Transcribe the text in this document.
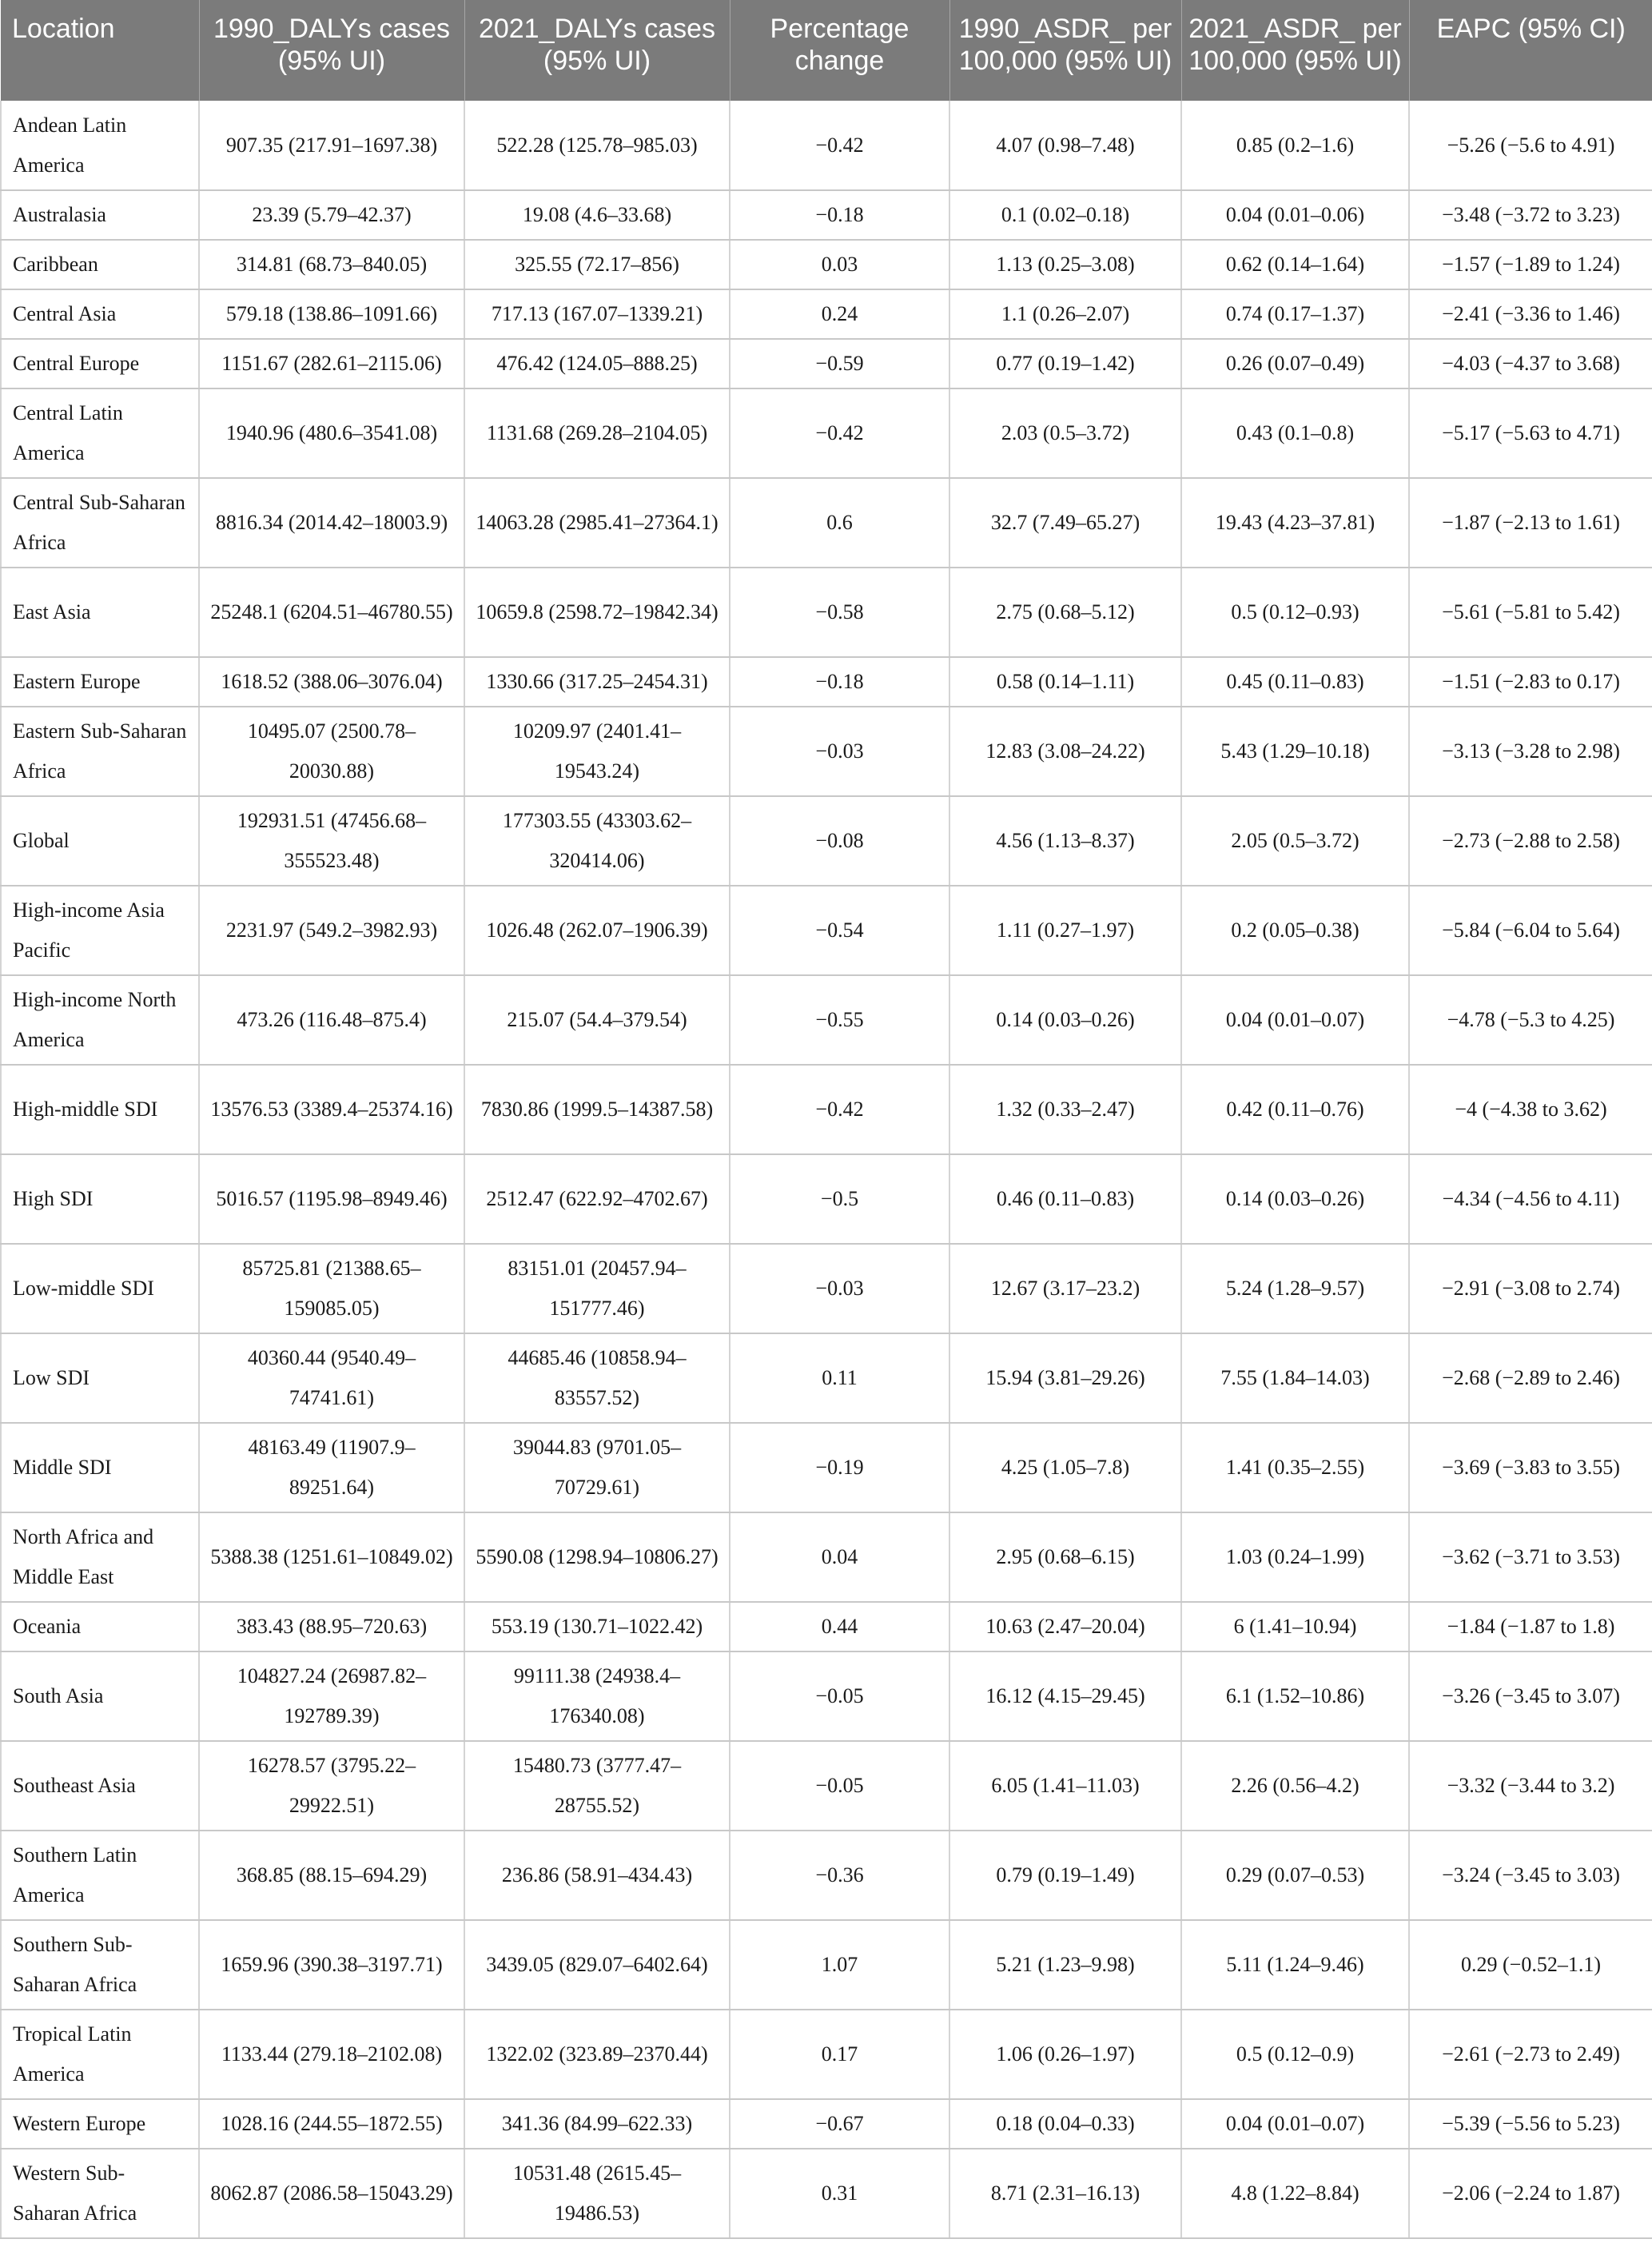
Location	1990_DALYs cases (95% UI)	2021_DALYs cases (95% UI)	Percentage change	1990_ASDR_ per 100,000 (95% UI)	2021_ASDR_ per 100,000 (95% UI)	EAPC (95% CI)
Andean Latin America	907.35 (217.91–1697.38)	522.28 (125.78–985.03)	−0.42	4.07 (0.98–7.48)	0.85 (0.2–1.6)	−5.26 (−5.6 to 4.91)
Australasia	23.39 (5.79–42.37)	19.08 (4.6–33.68)	−0.18	0.1 (0.02–0.18)	0.04 (0.01–0.06)	−3.48 (−3.72 to 3.23)
Caribbean	314.81 (68.73–840.05)	325.55 (72.17–856)	0.03	1.13 (0.25–3.08)	0.62 (0.14–1.64)	−1.57 (−1.89 to 1.24)
Central Asia	579.18 (138.86–1091.66)	717.13 (167.07–1339.21)	0.24	1.1 (0.26–2.07)	0.74 (0.17–1.37)	−2.41 (−3.36 to 1.46)
Central Europe	1151.67 (282.61–2115.06)	476.42 (124.05–888.25)	−0.59	0.77 (0.19–1.42)	0.26 (0.07–0.49)	−4.03 (−4.37 to 3.68)
Central Latin America	1940.96 (480.6–3541.08)	1131.68 (269.28–2104.05)	−0.42	2.03 (0.5–3.72)	0.43 (0.1–0.8)	−5.17 (−5.63 to 4.71)
Central Sub-Saharan Africa	8816.34 (2014.42–18003.9)	14063.28 (2985.41–27364.1)	0.6	32.7 (7.49–65.27)	19.43 (4.23–37.81)	−1.87 (−2.13 to 1.61)
East Asia	25248.1 (6204.51–46780.55)	10659.8 (2598.72–19842.34)	−0.58	2.75 (0.68–5.12)	0.5 (0.12–0.93)	−5.61 (−5.81 to 5.42)
Eastern Europe	1618.52 (388.06–3076.04)	1330.66 (317.25–2454.31)	−0.18	0.58 (0.14–1.11)	0.45 (0.11–0.83)	−1.51 (−2.83 to 0.17)
Eastern Sub-Saharan Africa	10495.07 (2500.78–20030.88)	10209.97 (2401.41–19543.24)	−0.03	12.83 (3.08–24.22)	5.43 (1.29–10.18)	−3.13 (−3.28 to 2.98)
Global	192931.51 (47456.68–355523.48)	177303.55 (43303.62–320414.06)	−0.08	4.56 (1.13–8.37)	2.05 (0.5–3.72)	−2.73 (−2.88 to 2.58)
High-income Asia Pacific	2231.97 (549.2–3982.93)	1026.48 (262.07–1906.39)	−0.54	1.11 (0.27–1.97)	0.2 (0.05–0.38)	−5.84 (−6.04 to 5.64)
High-income North America	473.26 (116.48–875.4)	215.07 (54.4–379.54)	−0.55	0.14 (0.03–0.26)	0.04 (0.01–0.07)	−4.78 (−5.3 to 4.25)
High-middle SDI	13576.53 (3389.4–25374.16)	7830.86 (1999.5–14387.58)	−0.42	1.32 (0.33–2.47)	0.42 (0.11–0.76)	−4 (−4.38 to 3.62)
High SDI	5016.57 (1195.98–8949.46)	2512.47 (622.92–4702.67)	−0.5	0.46 (0.11–0.83)	0.14 (0.03–0.26)	−4.34 (−4.56 to 4.11)
Low-middle SDI	85725.81 (21388.65–159085.05)	83151.01 (20457.94–151777.46)	−0.03	12.67 (3.17–23.2)	5.24 (1.28–9.57)	−2.91 (−3.08 to 2.74)
Low SDI	40360.44 (9540.49–74741.61)	44685.46 (10858.94–83557.52)	0.11	15.94 (3.81–29.26)	7.55 (1.84–14.03)	−2.68 (−2.89 to 2.46)
Middle SDI	48163.49 (11907.9–89251.64)	39044.83 (9701.05–70729.61)	−0.19	4.25 (1.05–7.8)	1.41 (0.35–2.55)	−3.69 (−3.83 to 3.55)
North Africa and Middle East	5388.38 (1251.61–10849.02)	5590.08 (1298.94–10806.27)	0.04	2.95 (0.68–6.15)	1.03 (0.24–1.99)	−3.62 (−3.71 to 3.53)
Oceania	383.43 (88.95–720.63)	553.19 (130.71–1022.42)	0.44	10.63 (2.47–20.04)	6 (1.41–10.94)	−1.84 (−1.87 to 1.8)
South Asia	104827.24 (26987.82–192789.39)	99111.38 (24938.4–176340.08)	−0.05	16.12 (4.15–29.45)	6.1 (1.52–10.86)	−3.26 (−3.45 to 3.07)
Southeast Asia	16278.57 (3795.22–29922.51)	15480.73 (3777.47–28755.52)	−0.05	6.05 (1.41–11.03)	2.26 (0.56–4.2)	−3.32 (−3.44 to 3.2)
Southern Latin America	368.85 (88.15–694.29)	236.86 (58.91–434.43)	−0.36	0.79 (0.19–1.49)	0.29 (0.07–0.53)	−3.24 (−3.45 to 3.03)
Southern Sub-Saharan Africa	1659.96 (390.38–3197.71)	3439.05 (829.07–6402.64)	1.07	5.21 (1.23–9.98)	5.11 (1.24–9.46)	0.29 (−0.52–1.1)
Tropical Latin America	1133.44 (279.18–2102.08)	1322.02 (323.89–2370.44)	0.17	1.06 (0.26–1.97)	0.5 (0.12–0.9)	−2.61 (−2.73 to 2.49)
Western Europe	1028.16 (244.55–1872.55)	341.36 (84.99–622.33)	−0.67	0.18 (0.04–0.33)	0.04 (0.01–0.07)	−5.39 (−5.56 to 5.23)
Western Sub-Saharan Africa	8062.87 (2086.58–15043.29)	10531.48 (2615.45–19486.53)	0.31	8.71 (2.31–16.13)	4.8 (1.22–8.84)	−2.06 (−2.24 to 1.87)
